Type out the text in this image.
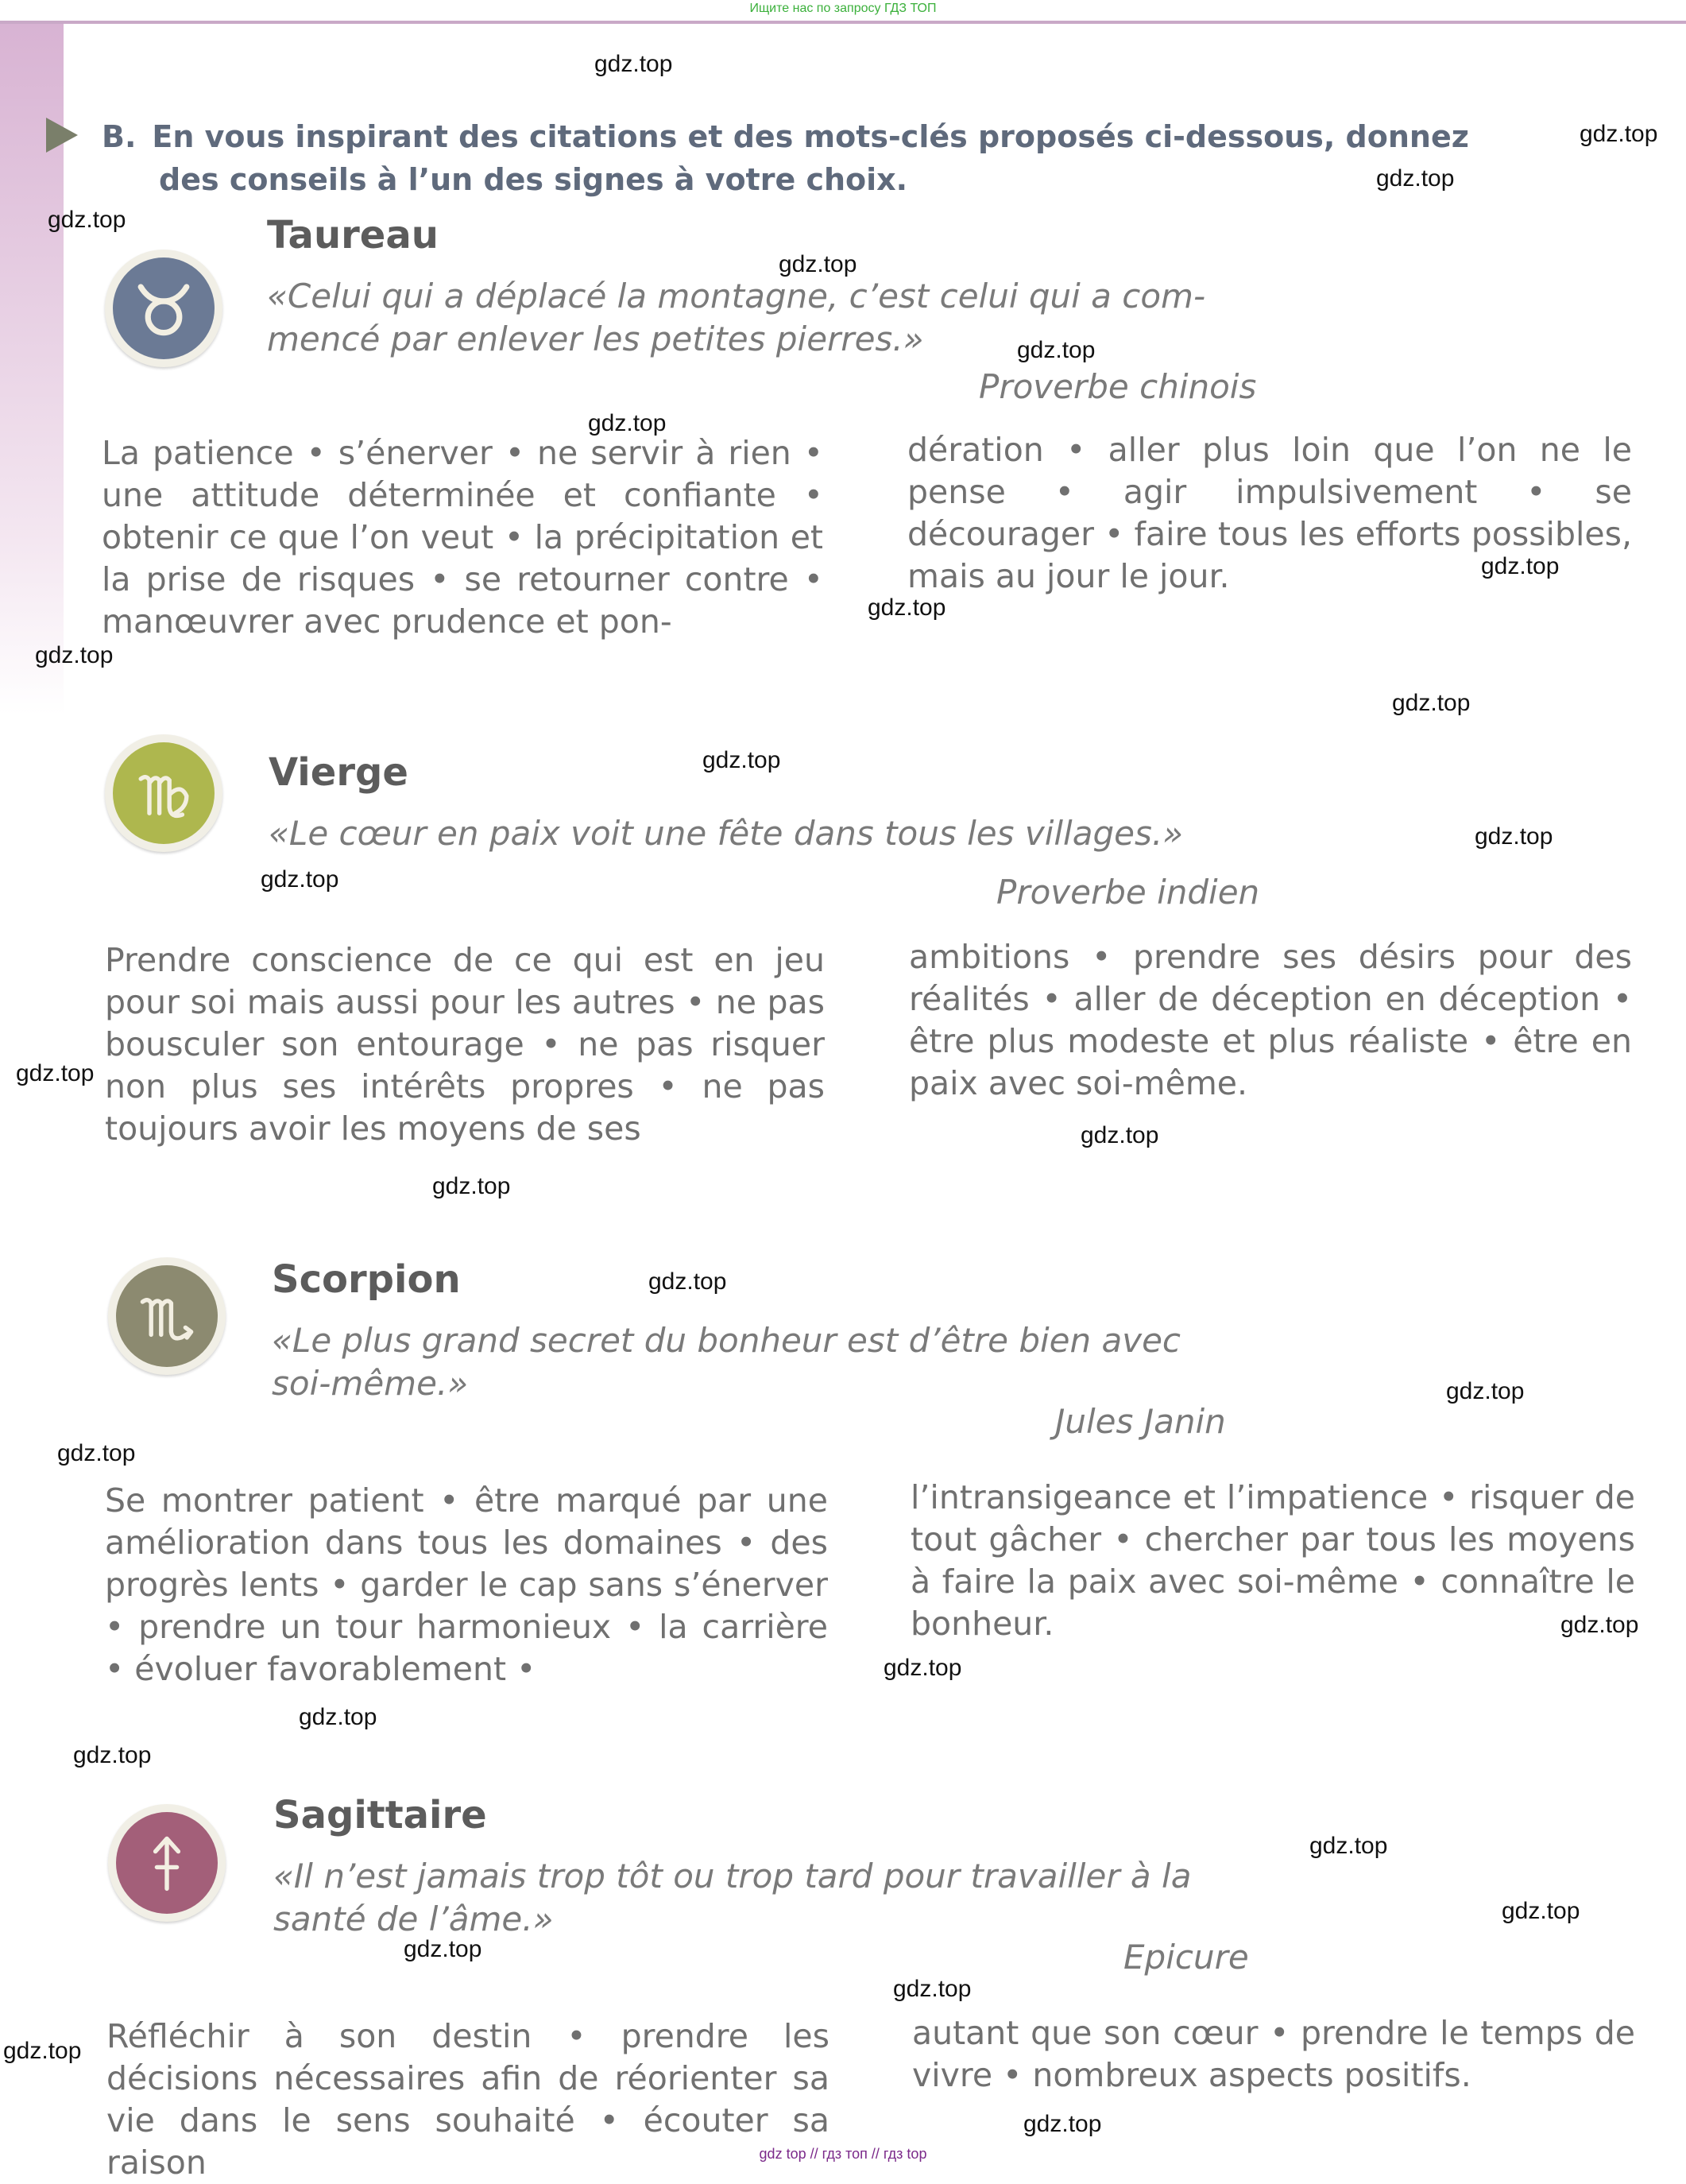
Ищите нас по запросу ГДЗ ТОП
B. En vous inspirant des citations et des mots-clés proposés ci-dessous, donnez
des conseils à l’un des signes à votre choix.
Taureau
«Celui qui a déplacé la montagne, c’est celui qui a com-
mencé par enlever les petites pierres.»
Proverbe chinois
La patience • s’énerver • ne servir à rien • une attitude déterminée et confiante • obtenir ce que l’on veut • la précipitation et la prise de risques • se retourner contre • manœuvrer avec prudence et pon-
dération • aller plus loin que l’on ne le pense • agir impulsivement • se décourager • faire tous les efforts possibles, mais au jour le jour.
Vierge
«Le cœur en paix voit une fête dans tous les villages.»
Proverbe indien
Prendre conscience de ce qui est en jeu pour soi mais aussi pour les autres • ne pas bousculer son entourage • ne pas risquer non plus ses intérêts propres • ne pas toujours avoir les moyens de ses
ambitions • prendre ses désirs pour des réalités • aller de déception en déception • être plus modeste et plus réaliste • être en paix avec soi-même.
Scorpion
«Le plus grand secret du bonheur est d’être bien avec
soi-même.»
Jules Janin
Se montrer patient • être marqué par une amélioration dans tous les domaines • des progrès lents • garder le cap sans s’énerver • prendre un tour harmonieux • la carrière • évoluer favorablement •
l’intransigeance et l’impatience • risquer de tout gâcher • chercher par tous les moyens à faire la paix avec soi-même • connaître le bonheur.
Sagittaire
«Il n’est jamais trop tôt ou trop tard pour travailler à la
santé de l’âme.»
Epicure
Réfléchir à son destin • prendre les décisions nécessaires afin de réorienter sa vie dans le sens souhaité • écouter sa raison
autant que son cœur • prendre le temps de vivre • nombreux aspects positifs.
gdz.top
gdz.top
gdz.top
gdz.top
gdz.top
gdz.top
gdz.top
gdz.top
gdz.top
gdz.top
gdz.top
gdz.top
gdz.top
gdz.top
gdz.top
gdz.top
gdz.top
gdz.top
gdz.top
gdz.top
gdz.top
gdz.top
gdz.top
gdz.top
gdz.top
gdz.top
gdz.top
gdz.top
gdz.top
gdz.top
gdz top // гдз топ // гдз top
